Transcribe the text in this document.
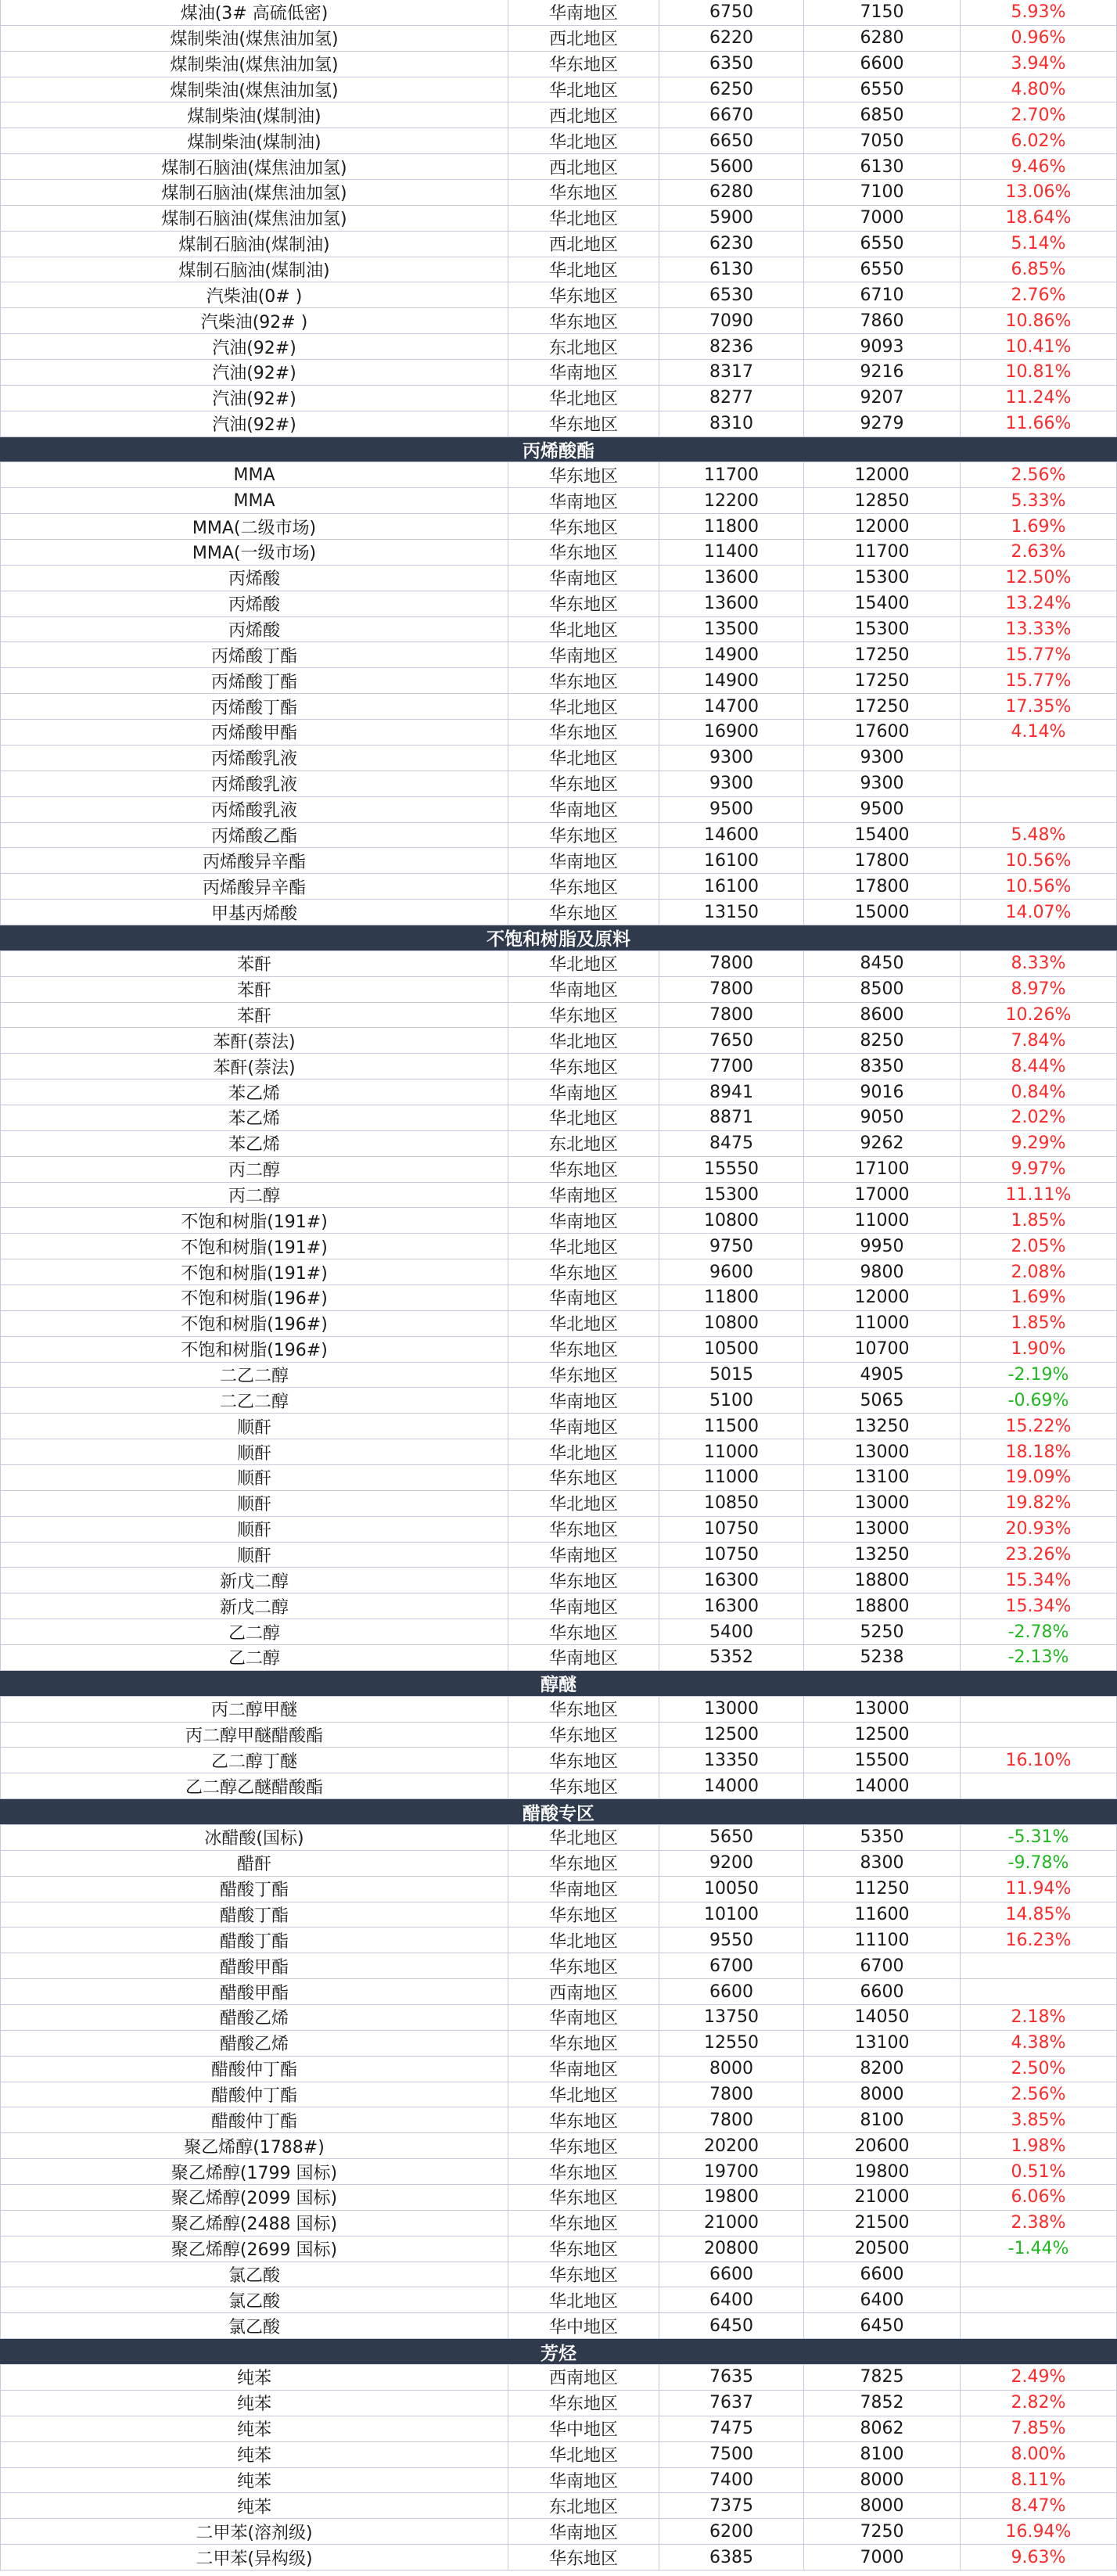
煤油(3# 高硫低密)	华南地区	6750	7150	5.93%
煤制柴油(煤焦油加氢)	西北地区	6220	6280	0.96%
煤制柴油(煤焦油加氢)	华东地区	6350	6600	3.94%
煤制柴油(煤焦油加氢)	华北地区	6250	6550	4.80%
煤制柴油(煤制油)	西北地区	6670	6850	2.70%
煤制柴油(煤制油)	华北地区	6650	7050	6.02%
煤制石脑油(煤焦油加氢)	西北地区	5600	6130	9.46%
煤制石脑油(煤焦油加氢)	华东地区	6280	7100	13.06%
煤制石脑油(煤焦油加氢)	华北地区	5900	7000	18.64%
煤制石脑油(煤制油)	西北地区	6230	6550	5.14%
煤制石脑油(煤制油)	华北地区	6130	6550	6.85%
汽柴油(0# )	华东地区	6530	6710	2.76%
汽柴油(92# )	华东地区	7090	7860	10.86%
汽油(92#)	东北地区	8236	9093	10.41%
汽油(92#)	华南地区	8317	9216	10.81%
汽油(92#)	华北地区	8277	9207	11.24%
汽油(92#)	华东地区	8310	9279	11.66%
丙烯酸酯
MMA	华东地区	11700	12000	2.56%
MMA	华南地区	12200	12850	5.33%
MMA(二级市场)	华东地区	11800	12000	1.69%
MMA(一级市场)	华东地区	11400	11700	2.63%
丙烯酸	华南地区	13600	15300	12.50%
丙烯酸	华东地区	13600	15400	13.24%
丙烯酸	华北地区	13500	15300	13.33%
丙烯酸丁酯	华南地区	14900	17250	15.77%
丙烯酸丁酯	华东地区	14900	17250	15.77%
丙烯酸丁酯	华北地区	14700	17250	17.35%
丙烯酸甲酯	华东地区	16900	17600	4.14%
丙烯酸乳液	华北地区	9300	9300
丙烯酸乳液	华东地区	9300	9300
丙烯酸乳液	华南地区	9500	9500
丙烯酸乙酯	华东地区	14600	15400	5.48%
丙烯酸异辛酯	华南地区	16100	17800	10.56%
丙烯酸异辛酯	华东地区	16100	17800	10.56%
甲基丙烯酸	华东地区	13150	15000	14.07%
不饱和树脂及原料
苯酐	华北地区	7800	8450	8.33%
苯酐	华南地区	7800	8500	8.97%
苯酐	华东地区	7800	8600	10.26%
苯酐(萘法)	华北地区	7650	8250	7.84%
苯酐(萘法)	华东地区	7700	8350	8.44%
苯乙烯	华南地区	8941	9016	0.84%
苯乙烯	华北地区	8871	9050	2.02%
苯乙烯	东北地区	8475	9262	9.29%
丙二醇	华东地区	15550	17100	9.97%
丙二醇	华南地区	15300	17000	11.11%
不饱和树脂(191#)	华南地区	10800	11000	1.85%
不饱和树脂(191#)	华北地区	9750	9950	2.05%
不饱和树脂(191#)	华东地区	9600	9800	2.08%
不饱和树脂(196#)	华南地区	11800	12000	1.69%
不饱和树脂(196#)	华北地区	10800	11000	1.85%
不饱和树脂(196#)	华东地区	10500	10700	1.90%
二乙二醇	华东地区	5015	4905	-2.19%
二乙二醇	华南地区	5100	5065	-0.69%
顺酐	华南地区	11500	13250	15.22%
顺酐	华北地区	11000	13000	18.18%
顺酐	华东地区	11000	13100	19.09%
顺酐	华北地区	10850	13000	19.82%
顺酐	华东地区	10750	13000	20.93%
顺酐	华南地区	10750	13250	23.26%
新戊二醇	华东地区	16300	18800	15.34%
新戊二醇	华南地区	16300	18800	15.34%
乙二醇	华东地区	5400	5250	-2.78%
乙二醇	华南地区	5352	5238	-2.13%
醇醚
丙二醇甲醚	华东地区	13000	13000
丙二醇甲醚醋酸酯	华东地区	12500	12500
乙二醇丁醚	华东地区	13350	15500	16.10%
乙二醇乙醚醋酸酯	华东地区	14000	14000
醋酸专区
冰醋酸(国标)	华北地区	5650	5350	-5.31%
醋酐	华东地区	9200	8300	-9.78%
醋酸丁酯	华南地区	10050	11250	11.94%
醋酸丁酯	华东地区	10100	11600	14.85%
醋酸丁酯	华北地区	9550	11100	16.23%
醋酸甲酯	华东地区	6700	6700
醋酸甲酯	西南地区	6600	6600
醋酸乙烯	华南地区	13750	14050	2.18%
醋酸乙烯	华东地区	12550	13100	4.38%
醋酸仲丁酯	华南地区	8000	8200	2.50%
醋酸仲丁酯	华北地区	7800	8000	2.56%
醋酸仲丁酯	华东地区	7800	8100	3.85%
聚乙烯醇(1788#)	华东地区	20200	20600	1.98%
聚乙烯醇(1799 国标)	华东地区	19700	19800	0.51%
聚乙烯醇(2099 国标)	华东地区	19800	21000	6.06%
聚乙烯醇(2488 国标)	华东地区	21000	21500	2.38%
聚乙烯醇(2699 国标)	华东地区	20800	20500	-1.44%
氯乙酸	华东地区	6600	6600
氯乙酸	华北地区	6400	6400
氯乙酸	华中地区	6450	6450
芳烃
纯苯	西南地区	7635	7825	2.49%
纯苯	华东地区	7637	7852	2.82%
纯苯	华中地区	7475	8062	7.85%
纯苯	华北地区	7500	8100	8.00%
纯苯	华南地区	7400	8000	8.11%
纯苯	东北地区	7375	8000	8.47%
二甲苯(溶剂级)	华南地区	6200	7250	16.94%
二甲苯(异构级)	华东地区	6385	7000	9.63%
